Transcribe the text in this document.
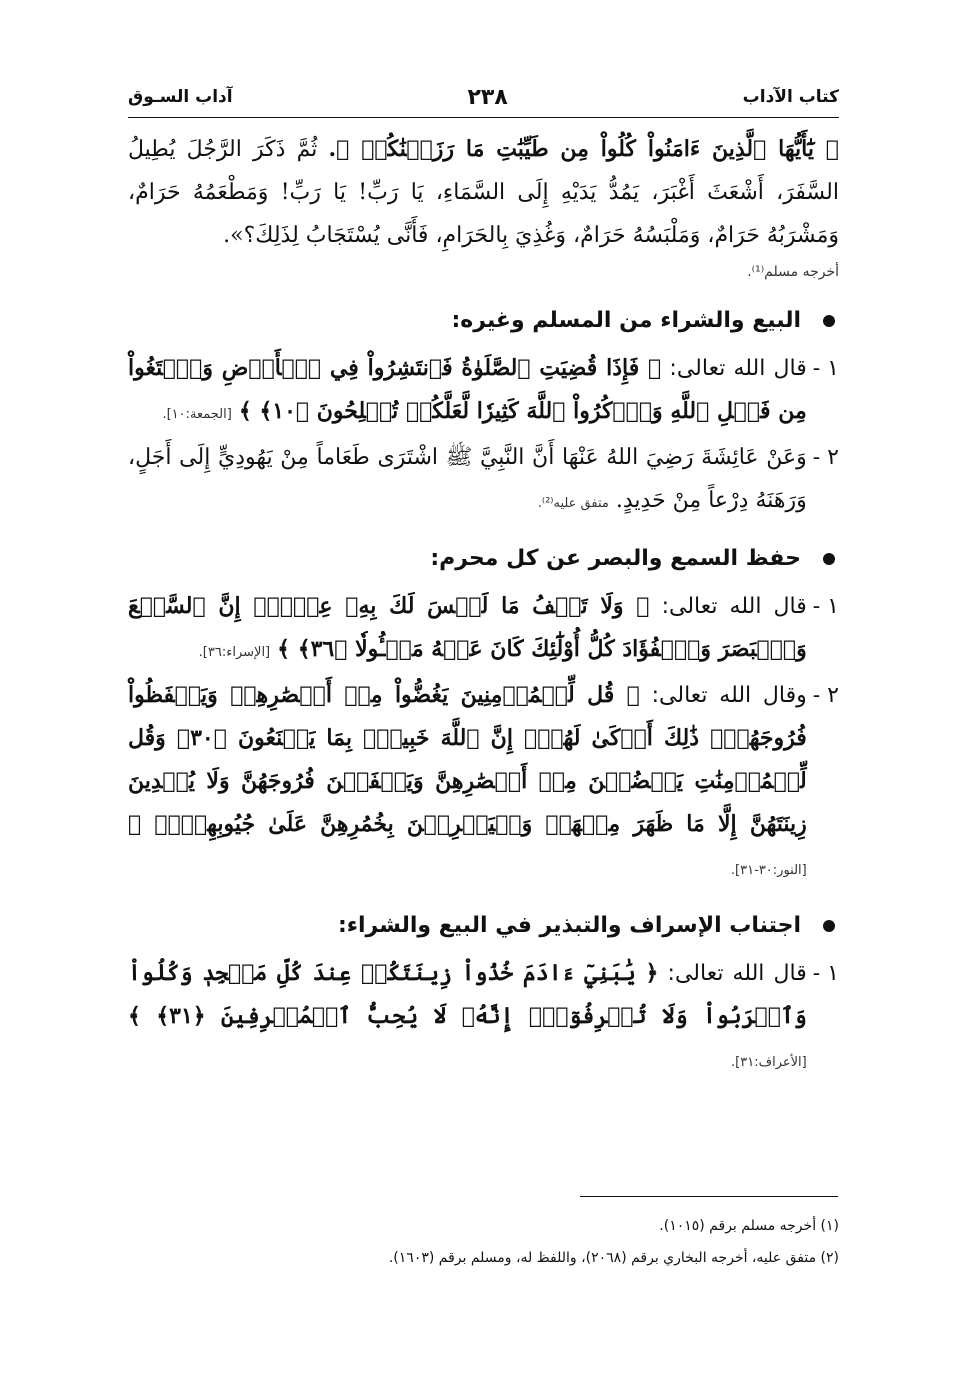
كتاب الآداب
٢٣٨
آداب السـوق

﴿ يَٰٓأَيُّهَا ٱلَّذِينَ ءَامَنُواْ كُلُواْ مِن طَيِّبَٰتِ مَا رَزَقۡنَٰكُمۡ ﴾. ثُمَّ ذَكَرَ الرَّجُلَ يُطِيلُ السَّفَرَ، أَشْعَثَ أَغْبَرَ، يَمُدُّ يَدَيْهِ إِلَى السَّمَاءِ، يَا رَبِّ! يَا رَبِّ! وَمَطْعَمُهُ حَرَامٌ، وَمَشْرَبُهُ حَرَامٌ، وَمَلْبَسُهُ حَرَامٌ، وَغُذِيَ بِالحَرَامِ، فَأَنَّى يُسْتَجَابُ لِذَلِكَ؟».
أخرجه مسلم⁽¹⁾.

البيع والشراء من المسلم وغيره:
١ -
قال الله تعالى: ﴿ فَإِذَا قُضِيَتِ ٱلصَّلَوٰةُ فَٱنتَشِرُواْ فِي ٱلۡأَرۡضِ وَٱبۡتَغُواْ مِن فَضۡلِ ٱللَّهِ وَٱذۡكُرُواْ ٱللَّهَ كَثِيرٗا لَّعَلَّكُمۡ تُفۡلِحُونَ ﴿١٠﴾ ﴾ [الجمعة:١٠].
٢ -
وَعَنْ عَائِشَةَ رَضِيَ اللهُ عَنْهَا أَنَّ النَّبِيَّ ﷺ اشْتَرَى طَعَاماً مِنْ يَهُودِيٍّ إِلَى أَجَلٍ، وَرَهَنَهُ دِرْعاً مِنْ حَدِيدٍ. متفق عليه⁽²⁾.
حفظ السمع والبصر عن كل محرم:
١ -
قال الله تعالى: ﴿ وَلَا تَقۡفُ مَا لَيۡسَ لَكَ بِهِۦ عِلۡمٌۚ إِنَّ ٱلسَّمۡعَ وَٱلۡبَصَرَ وَٱلۡفُؤَادَ كُلُّ أُوْلَٰٓئِكَ كَانَ عَنۡهُ مَسۡـُٔولٗا ﴿٣٦﴾ ﴾ [الإسراء:٣٦].
٢ -
وقال الله تعالى: ﴿ قُل لِّلۡمُؤۡمِنِينَ يَغُضُّواْ مِنۡ أَبۡصَٰرِهِمۡ وَيَحۡفَظُواْ فُرُوجَهُمۡۚ ذَٰلِكَ أَزۡكَىٰ لَهُمۡۚ إِنَّ ٱللَّهَ خَبِيرُۢ بِمَا يَصۡنَعُونَ ﴿٣٠﴾ وَقُل لِّلۡمُؤۡمِنَٰتِ يَغۡضُضۡنَ مِنۡ أَبۡصَٰرِهِنَّ وَيَحۡفَظۡنَ فُرُوجَهُنَّ وَلَا يُبۡدِينَ زِينَتَهُنَّ إِلَّا مَا ظَهَرَ مِنۡهَاۖ وَلۡيَضۡرِبۡنَ بِخُمُرِهِنَّ عَلَىٰ جُيُوبِهِنَّۖ ﴾ [النور:٣٠-٣١].
اجتناب الإسراف والتبذير في البيع والشراء:
١ -
قال الله تعالى: ﴿ يَٰبَنِيٓ ءَادَمَ خُذُواْ زِينَتَكُمۡ عِندَ كُلِّ مَسۡجِدٖ وَكُلُواْ وَٱشۡرَبُواْ وَلَا تُسۡرِفُوٓاْۚ إِنَّهُۥ لَا يُحِبُّ ٱلۡمُسۡرِفِينَ ﴿٣١﴾ ﴾ [الأعراف:٣١].
(١) أخرجه مسلم برقم (١٠١٥).
(٢) متفق عليه، أخرجه البخاري برقم (٢٠٦٨)، واللفظ له، ومسلم برقم (١٦٠٣).
